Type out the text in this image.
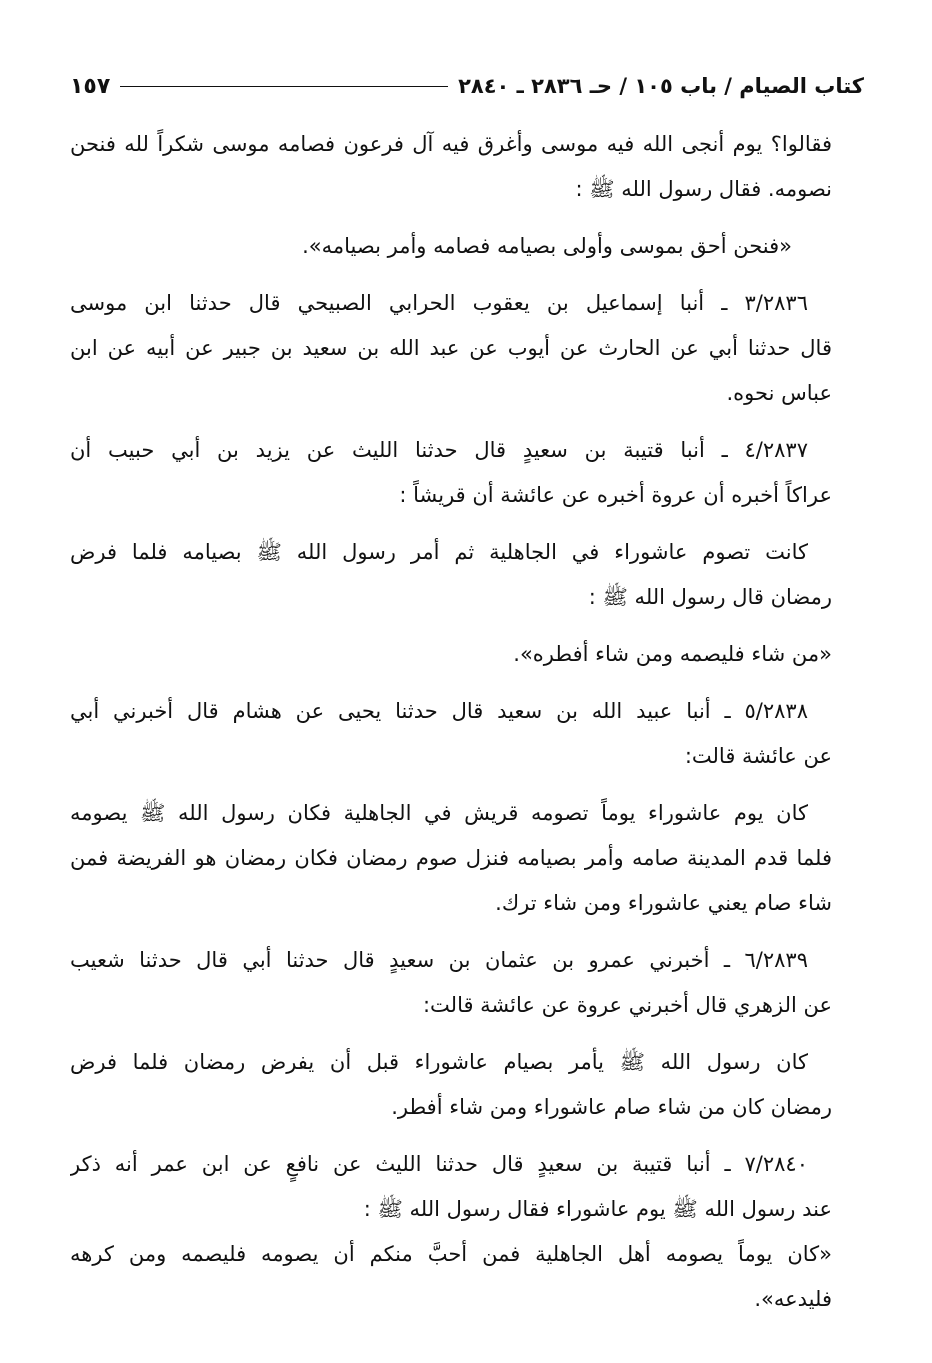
كتاب الصيام / باب ١٠٥ / حـ ٢٨٣٦ ـ ٢٨٤٠
١٥٧
فقالوا؟ يوم أنجى الله فيه موسى وأغرق فيه آل فرعون فصامه موسى شكراً لله فنحن
نصومه. فقال رسول الله ﷺ :
«فنحن أحق بموسى وأولى بصيامه فصامه وأمر بصيامه».
٣/٢٨٣٦ ـ أنبا إسماعيل بن يعقوب الحرابي الصبيحي قال حدثنا ابن موسى
قال حدثنا أبي عن الحارث عن أيوب عن عبد الله بن سعيد بن جبير عن أبيه عن ابن
عباس نحوه.
٤/٢٨٣٧ ـ أنبا قتيبة بن سعيدٍ قال حدثنا الليث عن يزيد بن أبي حبيب أن
عراكاً أخبره أن عروة أخبره عن عائشة أن قريشاً :
كانت تصوم عاشوراء في الجاهلية ثم أمر رسول الله ﷺ بصيامه فلما فرض
رمضان قال رسول الله ﷺ :
«من شاء فليصمه ومن شاء أفطره».
٥/٢٨٣٨ ـ أنبا عبيد الله بن سعيد قال حدثنا يحيى عن هشام قال أخبرني أبي
عن عائشة قالت:
كان يوم عاشوراء يوماً تصومه قريش في الجاهلية فكان رسول الله ﷺ يصومه
فلما قدم المدينة صامه وأمر بصيامه فنزل صوم رمضان فكان رمضان هو الفريضة فمن
شاء صام يعني عاشوراء ومن شاء ترك.
٦/٢٨٣٩ ـ أخبرني عمرو بن عثمان بن سعيدٍ قال حدثنا أبي قال حدثنا شعيب
عن الزهري قال أخبرني عروة عن عائشة قالت:
كان رسول الله ﷺ يأمر بصيام عاشوراء قبل أن يفرض رمضان فلما فرض
رمضان كان من شاء صام عاشوراء ومن شاء أفطر.
٧/٢٨٤٠ ـ أنبا قتيبة بن سعيدٍ قال حدثنا الليث عن نافعٍ عن ابن عمر أنه ذكر
عند رسول الله ﷺ يوم عاشوراء فقال رسول الله ﷺ :
«كان يوماً يصومه أهل الجاهلية فمن أحبَّ منكم أن يصومه فليصمه ومن كرهه
فليدعه».
